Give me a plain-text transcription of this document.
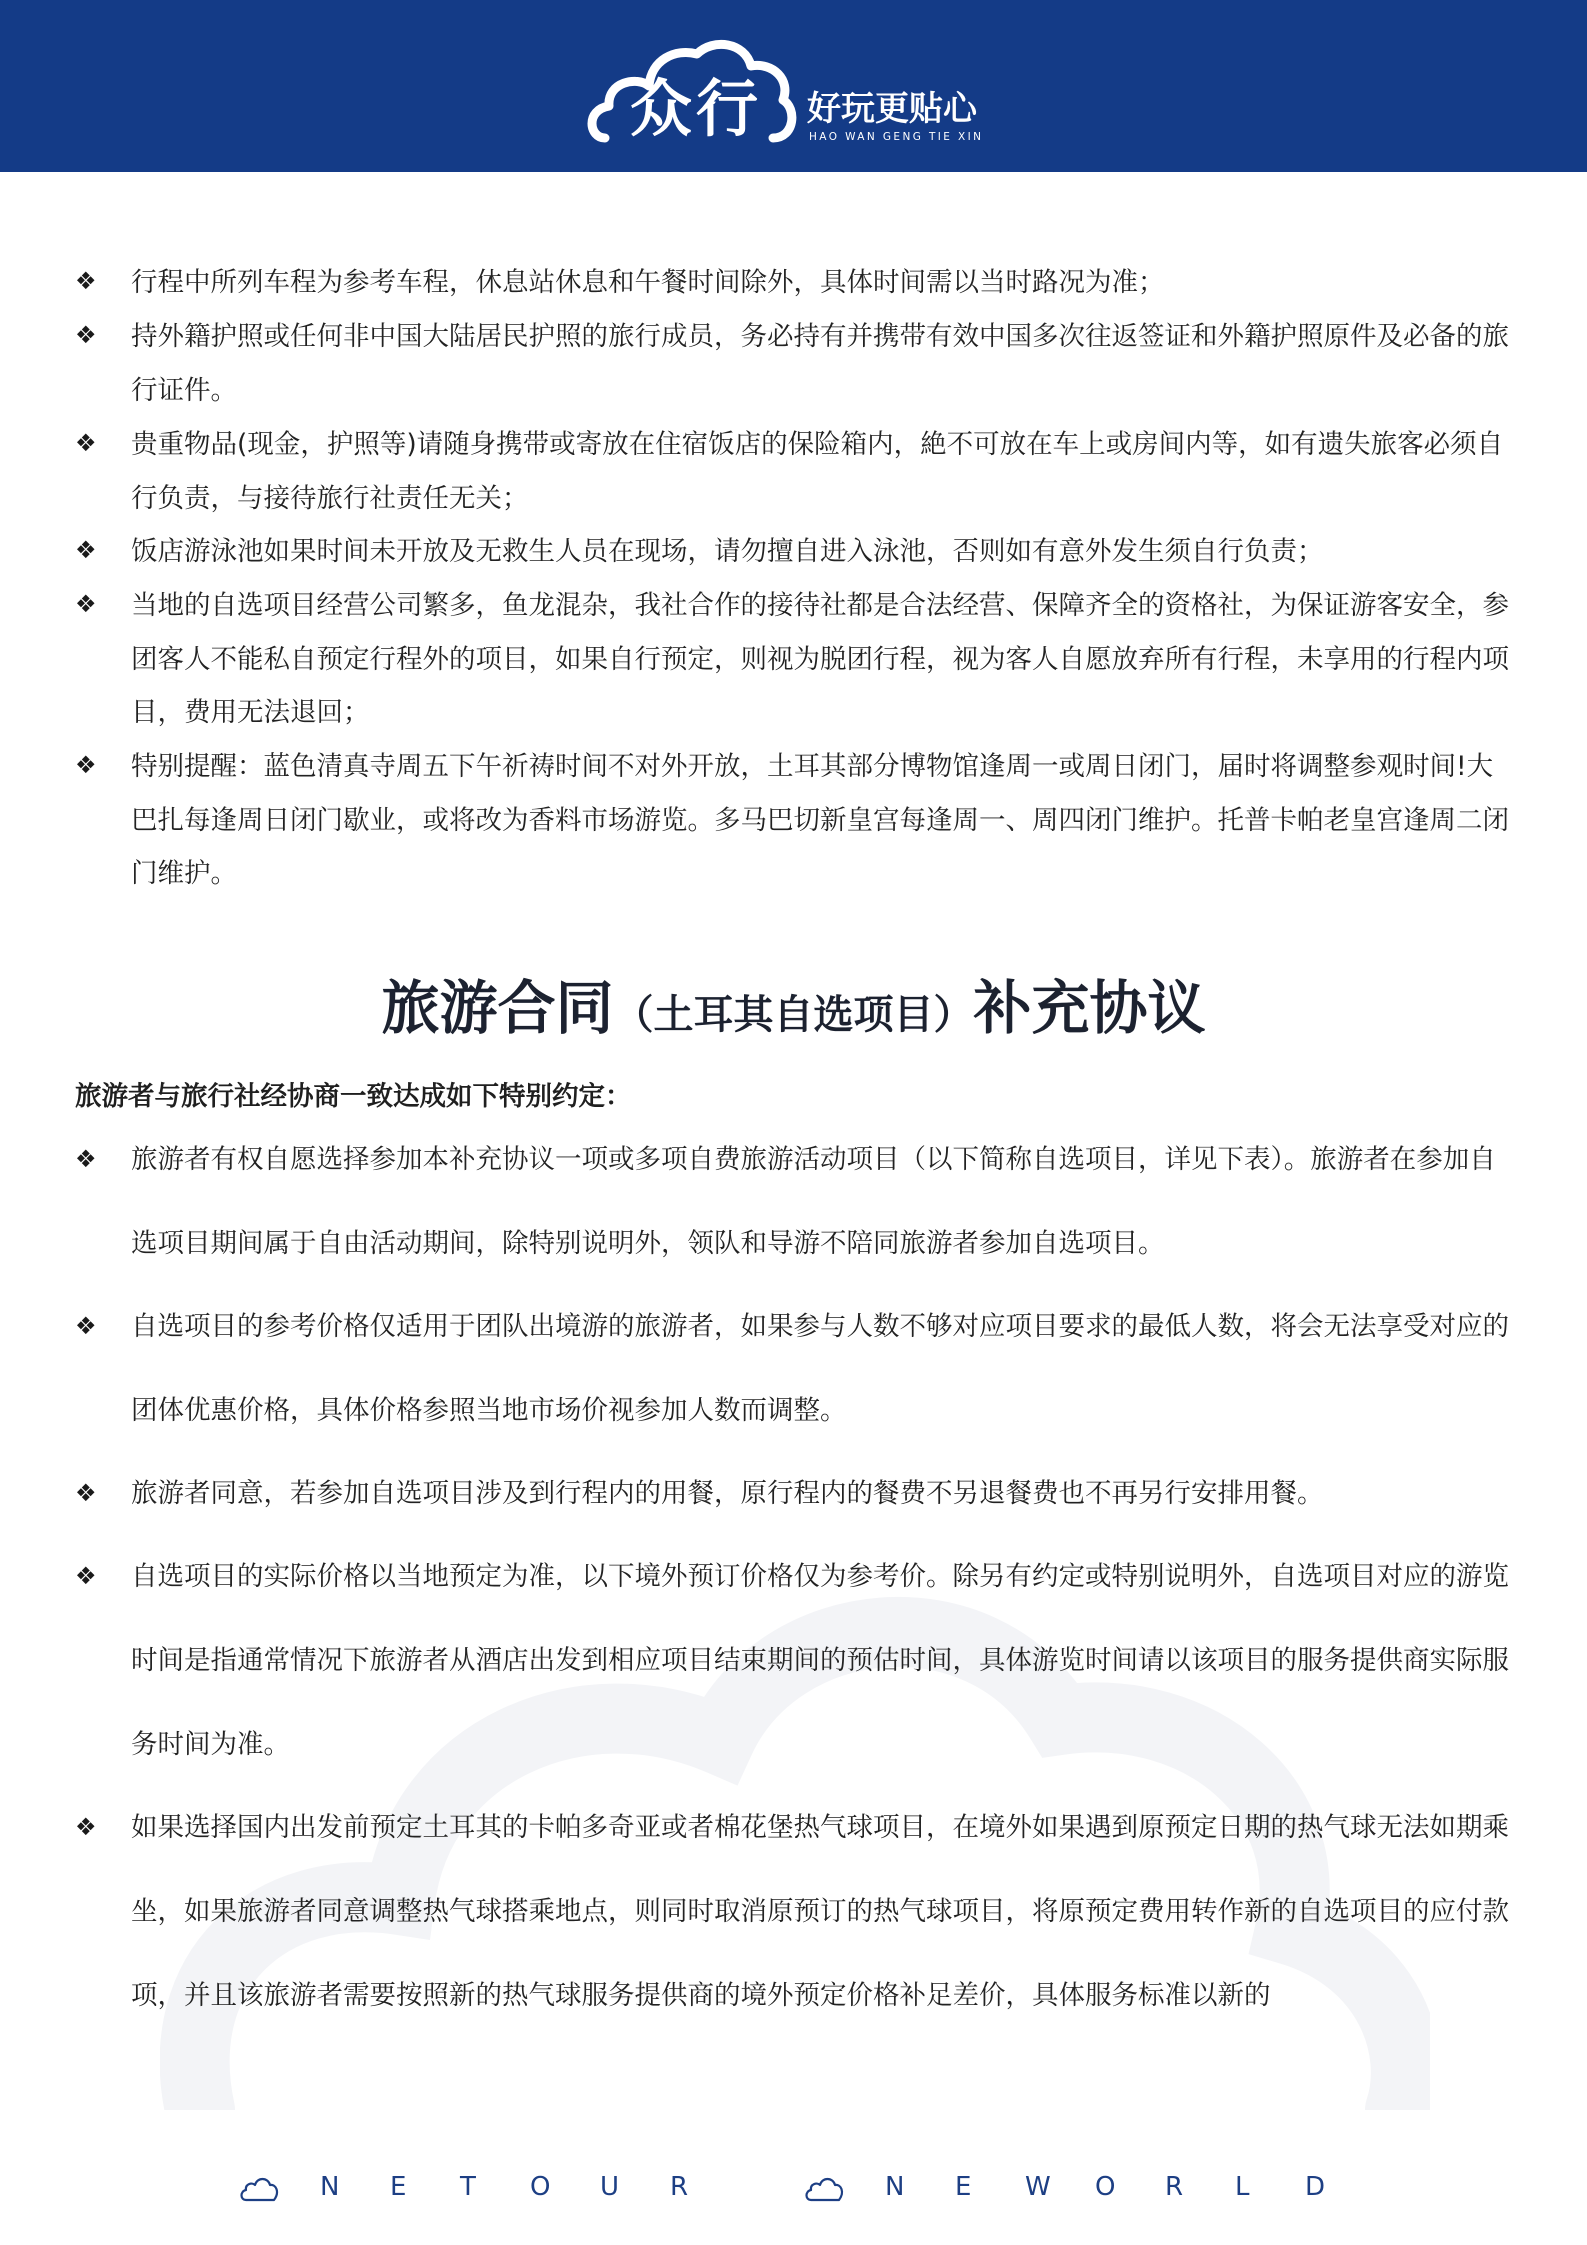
众行 好玩更贴心
HAO WAN GENG TIE XIN
❖ 行程中所列车程为参考车程，休息站休息和午餐时间除外，具体时间需以当时路况为准；

❖ 持外籍护照或任何非中国大陆居民护照的旅行成员，务必持有并携带有效中国多次往返签证和外籍护照原件及必备的旅行证件。

❖ 贵重物品(现金，护照等)请随身携带或寄放在住宿饭店的保险箱内，絶不可放在车上或房间内等，如有遗失旅客必须自行负责，与接待旅行社责任无关；

❖ 饭店游泳池如果时间未开放及无救生人员在现场，请勿擅自进入泳池，否则如有意外发生须自行负责；

❖ 当地的自选项目经营公司繁多，鱼龙混杂，我社合作的接待社都是合法经营、保障齐全的资格社，为保证游客安全，参团客人不能私自预定行程外的项目，如果自行预定，则视为脱团行程，视为客人自愿放弃所有行程，未享用的行程内项目，费用无法退回；

❖ 特别提醒：蓝色清真寺周五下午祈祷时间不对外开放，土耳其部分博物馆逢周一或周日闭门，届时将调整参观时间!大巴扎每逢周日闭门歇业，或将改为香料市场游览。多马巴切新皇宫每逢周一、周四闭门维护。托普卡帕老皇宫逢周二闭门维护。

旅游合同（土耳其自选项目）补充协议

旅游者与旅行社经协商一致达成如下特别约定：

❖ 旅游者有权自愿选择参加本补充协议一项或多项自费旅游活动项目（以下简称自选项目，详见下表）。旅游者在参加自选项目期间属于自由活动期间，除特别说明外，领队和导游不陪同旅游者参加自选项目。

❖ 自选项目的参考价格仅适用于团队出境游的旅游者，如果参与人数不够对应项目要求的最低人数，将会无法享受对应的团体优惠价格，具体价格参照当地市场价视参加人数而调整。

❖ 旅游者同意，若参加自选项目涉及到行程内的用餐，原行程内的餐费不另退餐费也不再另行安排用餐。

❖ 自选项目的实际价格以当地预定为准，以下境外预订价格仅为参考价。除另有约定或特别说明外，自选项目对应的游览时间是指通常情况下旅游者从酒店出发到相应项目结束期间的预估时间，具体游览时间请以该项目的服务提供商实际服务时间为准。

❖ 如果选择国内出发前预定土耳其的卡帕多奇亚或者棉花堡热气球项目，在境外如果遇到原预定日期的热气球无法如期乘坐，如果旅游者同意调整热气球搭乘地点，则同时取消原预订的热气球项目，将原预定费用转作新的自选项目的应付款项，并且该旅游者需要按照新的热气球服务提供商的境外预定价格补足差价，具体服务标准以新的

N E T O U R	N E W O R L D
